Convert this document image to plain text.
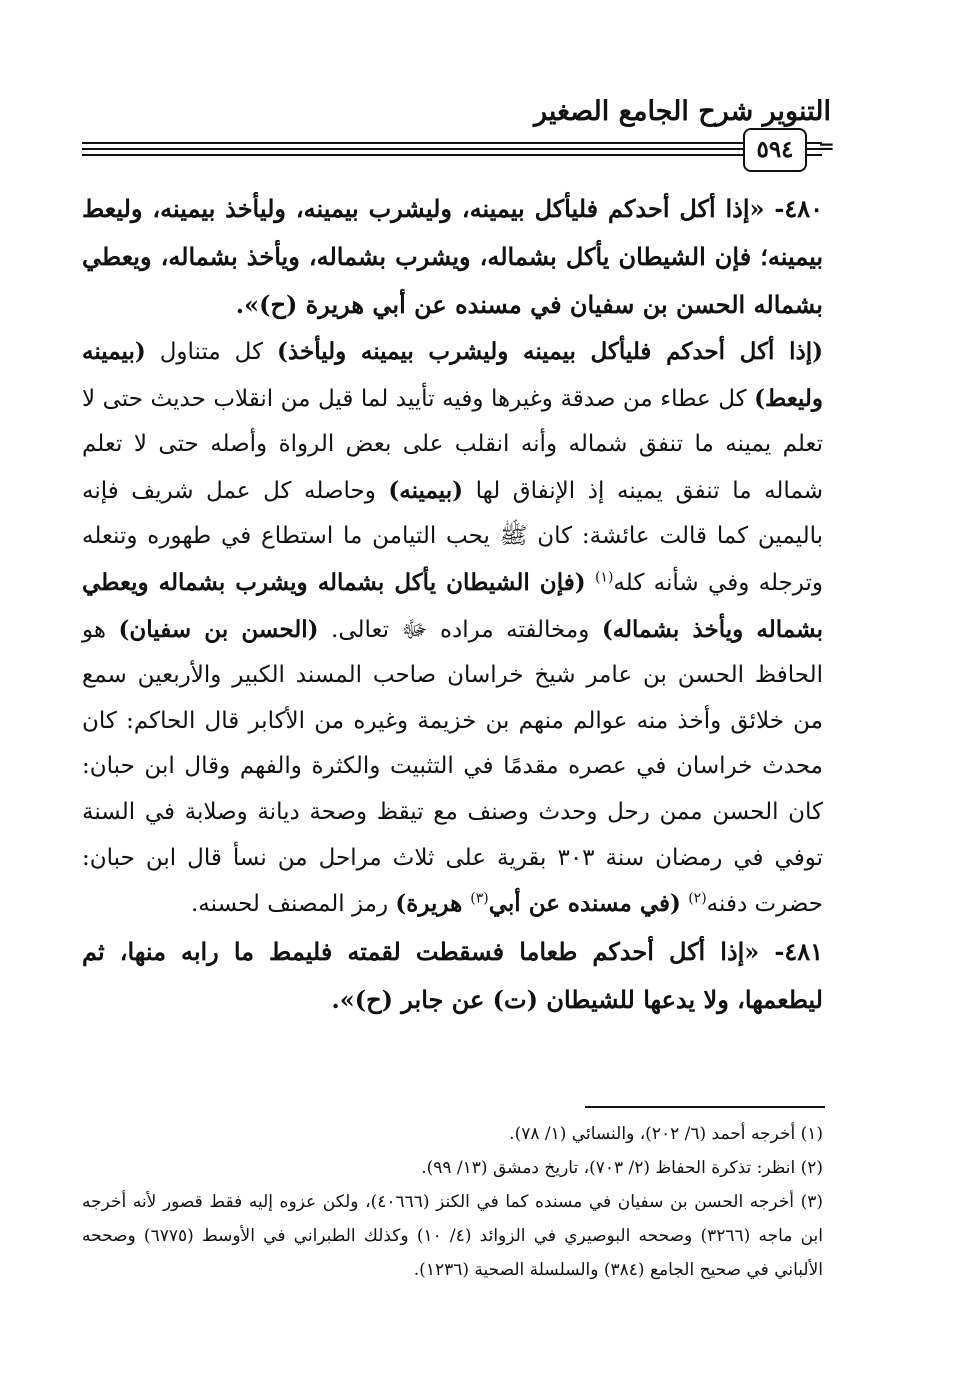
التنوير شرح الجامع الصغير
=
٥٩٤

٤٨٠- «إذا أكل أحدكم فليأكل بيمينه، وليشرب بيمينه، وليأخذ بيمينه، وليعط بيمينه؛ فإن الشيطان يأكل بشماله، ويشرب بشماله، ويأخذ بشماله، ويعطي بشماله الحسن بن سفيان في مسنده عن أبي هريرة (ح)».

(إذا أكل أحدكم فليأكل بيمينه وليشرب بيمينه وليأخذ) كل متناول (بيمينه وليعط) كل عطاء من صدقة وغيرها وفيه تأييد لما قيل من انقلاب حديث حتى لا تعلم يمينه ما تنفق شماله وأنه انقلب على بعض الرواة وأصله حتى لا تعلم شماله ما تنفق يمينه إذ الإنفاق لها (بيمينه) وحاصله كل عمل شريف فإنه باليمين كما قالت عائشة: كان ﷺ يحب التيامن ما استطاع في طهوره وتنعله وترجله وفي شأنه كله$^{(١)}$ (فإن الشيطان يأكل بشماله ويشرب بشماله ويعطي بشماله ويأخذ بشماله) ومخالفته مراده ﷻ تعالى. (الحسن بن سفيان) هو الحافظ الحسن بن عامر شيخ خراسان صاحب المسند الكبير والأربعين سمع من خلائق وأخذ منه عوالم منهم بن خزيمة وغيره من الأكابر قال الحاكم: كان محدث خراسان في عصره مقدمًا في التثبيت والكثرة والفهم وقال ابن حبان: كان الحسن ممن رحل وحدث وصنف مع تيقظ وصحة ديانة وصلابة في السنة توفي في رمضان سنة ٣٠٣ بقرية على ثلاث مراحل من نسأ قال ابن حبان: حضرت دفنه$^{(٢)}$ (في مسنده عن أبي$^{(٣)}$ هريرة) رمز المصنف لحسنه.

٤٨١- «إذا أكل أحدكم طعاما فسقطت لقمته فليمط ما رابه منها، ثم ليطعمها، ولا يدعها للشيطان (ت) عن جابر (ح)».

(١) أخرجه أحمد (٦/ ٢٠٢)، والنسائي (١/ ٧٨).

(٢) انظر: تذكرة الحفاظ (٢/ ٧٠٣)، تاريخ دمشق (١٣/ ٩٩).

(٣) أخرجه الحسن بن سفيان في مسنده كما في الكنز (٤٠٦٦٦)، ولكن عزوه إليه فقط قصور لأنه أخرجه ابن ماجه (٣٢٦٦) وصححه البوصيري في الزوائد (٤/ ١٠) وكذلك الطبراني في الأوسط (٦٧٧٥) وصححه الألباني في صحيح الجامع (٣٨٤) والسلسلة الصحية (١٢٣٦).
